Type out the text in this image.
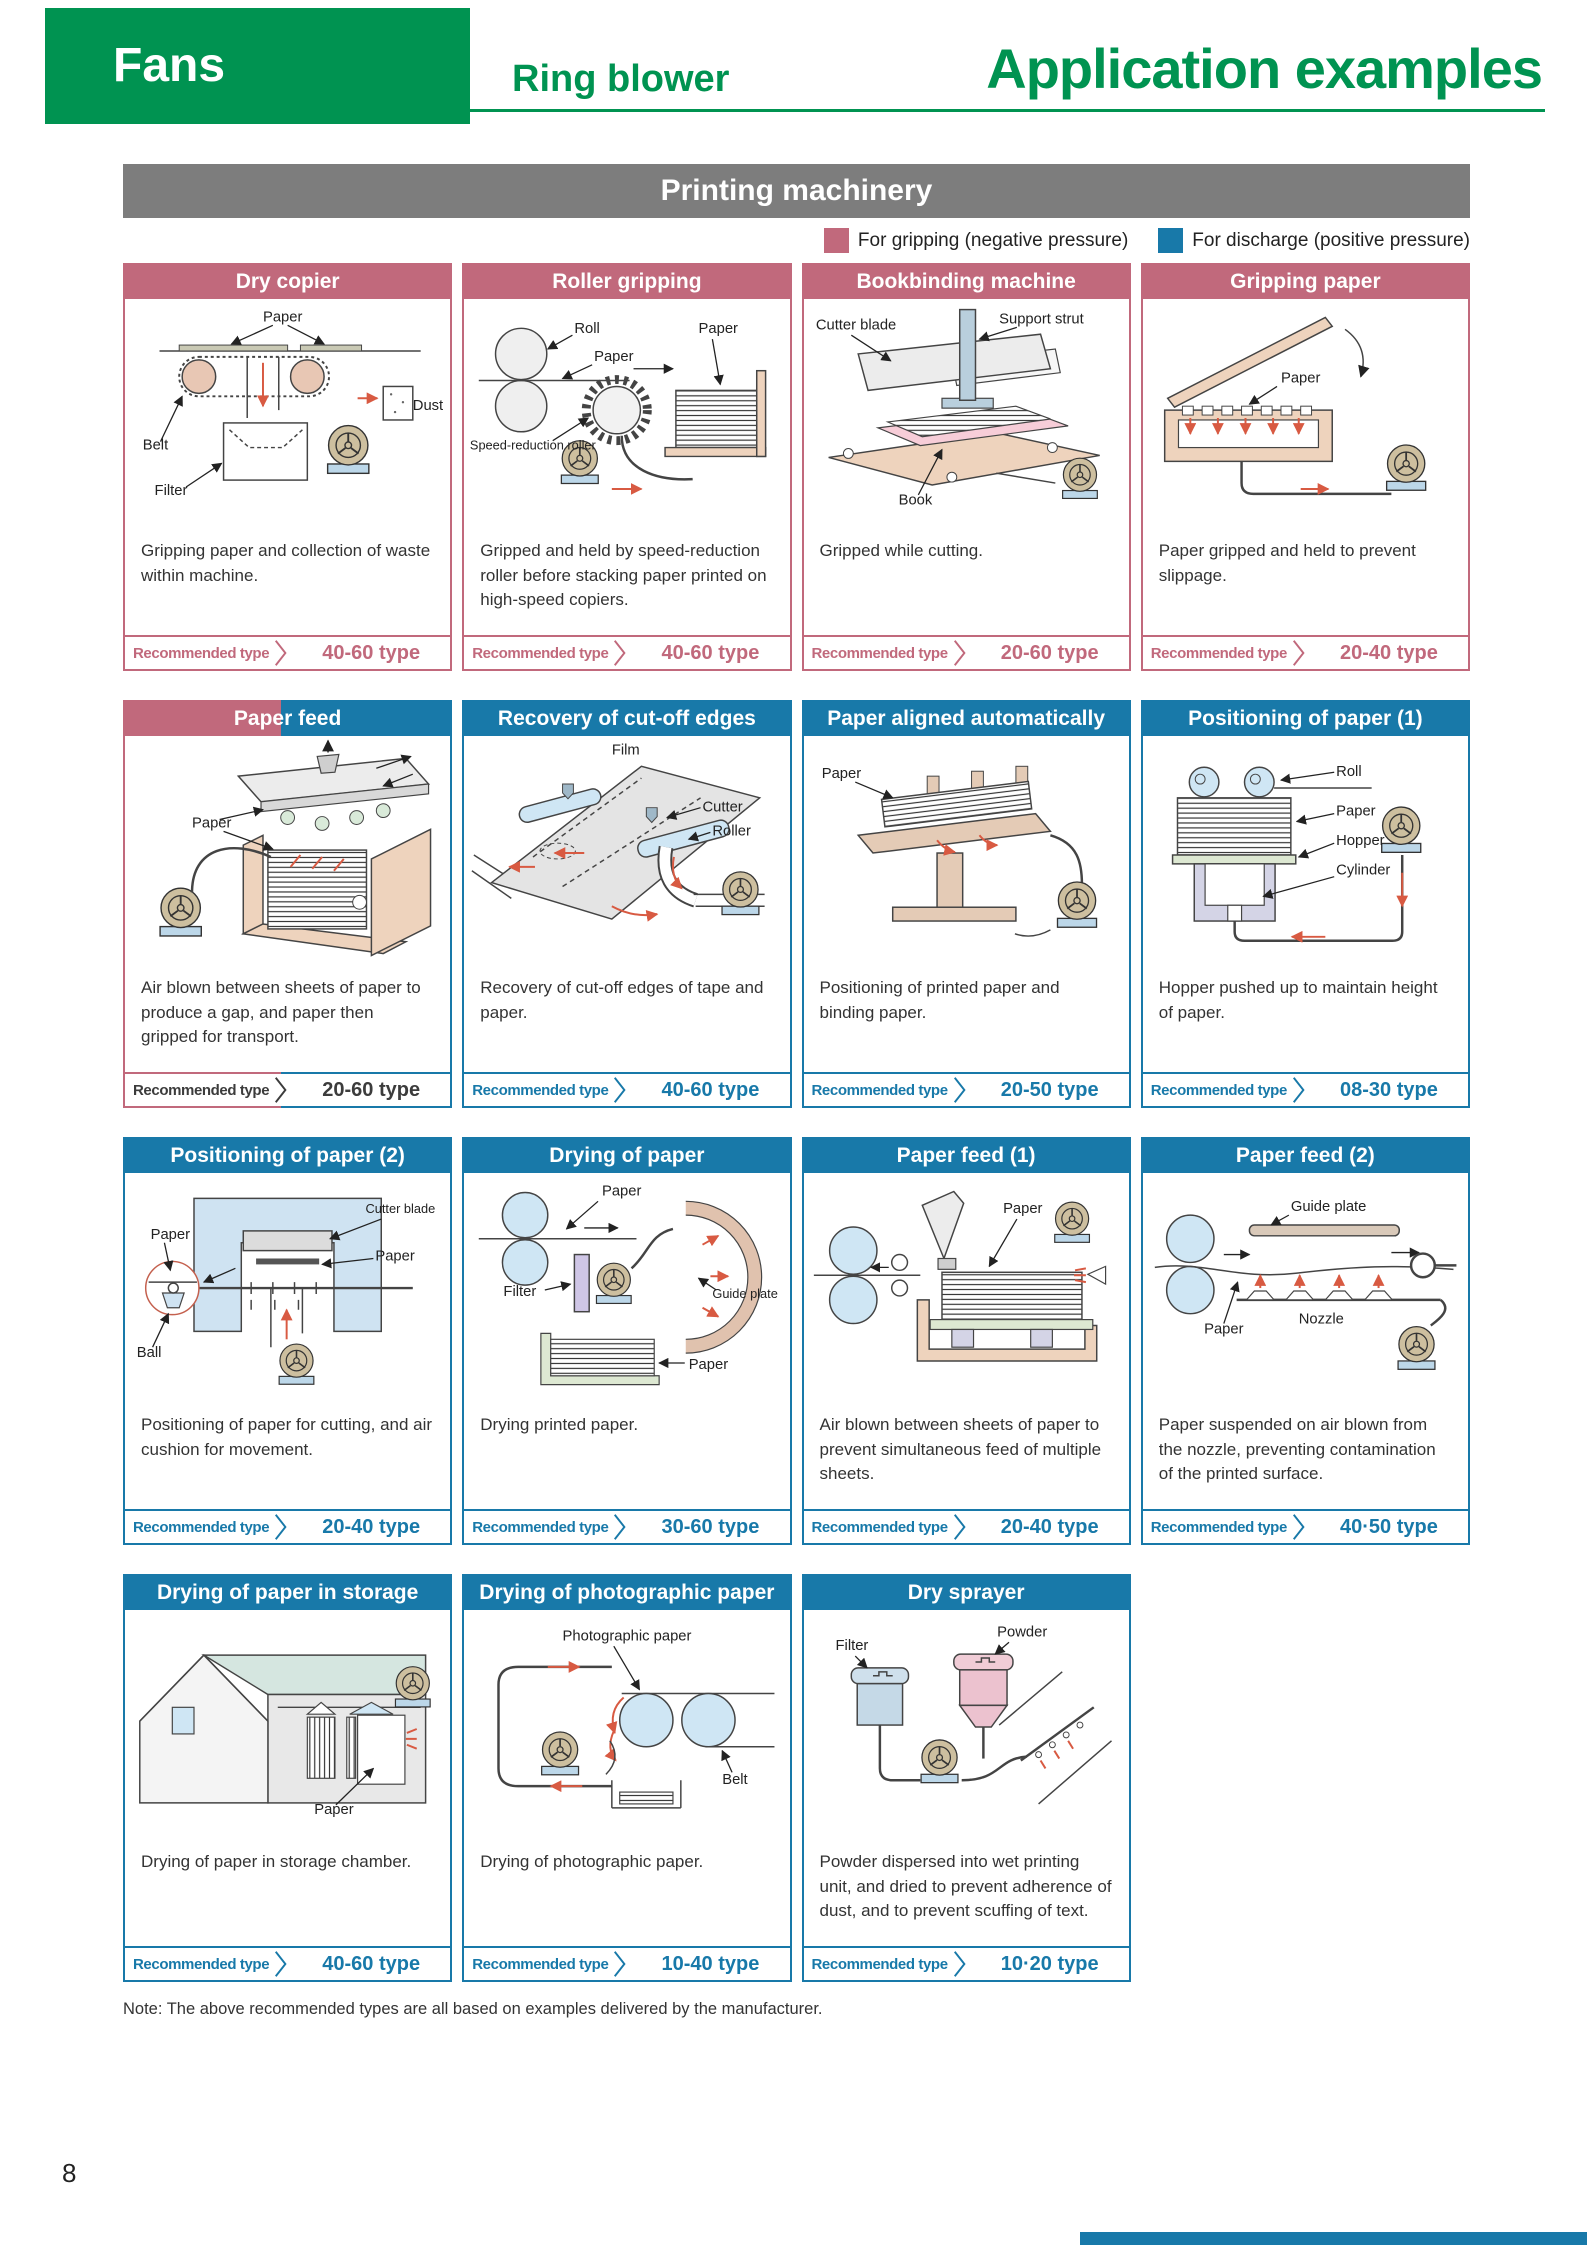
Fans	Ring blower	Application examples
Printing machinery
For gripping (negative pressure)	For discharge (positive pressure)
Dry copier
Paper
Dust
Belt
Filter
Gripping paper and collection of waste within machine.
Recommended type	40-60 type
Roller gripping
Roll
Paper
Paper
Speed-reduction roller
Gripped and held by speed-reduction roller before stacking paper printed on high-speed copiers.
Recommended type	40-60 type
Bookbinding machine
Cutter blade	Support strut
Book
Gripped while cutting.
Recommended type	20-60 type
Gripping paper
Paper
Paper gripped and held to prevent slippage.
Recommended type	20-40 type
Paper feed
Paper
Air blown between sheets of paper to produce a gap, and paper then gripped for transport.
Recommended type	20-60 type
Recovery of cut-off edges
Film
Cutter
Roller
Recovery of cut-off edges of tape and paper.
Recommended type	40-60 type
Paper aligned automatically
Paper
Positioning of printed paper and binding paper.
Recommended type	20-50 type
Positioning of paper (1)
Roll
Paper
Hopper
Cylinder
Hopper pushed up to maintain height of paper.
Recommended type	08-30 type
Positioning of paper (2)
Paper
Ball
Cutter blade
Paper
Positioning of paper for cutting, and air cushion for movement.
Recommended type	20-40 type
Drying of paper
Paper
Filter	Guide plate
Paper
Drying printed paper.
Recommended type	30-60 type
Paper feed (1)
Paper
Air blown between sheets of paper to prevent simultaneous feed of multiple sheets.
Recommended type	20-40 type
Paper feed (2)
Guide plate
Nozzle
Paper
Paper suspended on air blown from the nozzle, preventing contamination of the printed surface.
Recommended type	40·50 type
Drying of paper in storage
Paper
Drying of paper in storage chamber.
Recommended type	40-60 type
Drying of photographic paper
Photographic paper
Belt
Drying of photographic paper.
Recommended type	10-40 type
Dry sprayer
Filter
Powder
Powder dispersed into wet printing unit, and dried to prevent adherence of dust, and to prevent scuffing of text.
Recommended type	10·20 type
Note: The above recommended types are all based on examples delivered by the manufacturer.
8
